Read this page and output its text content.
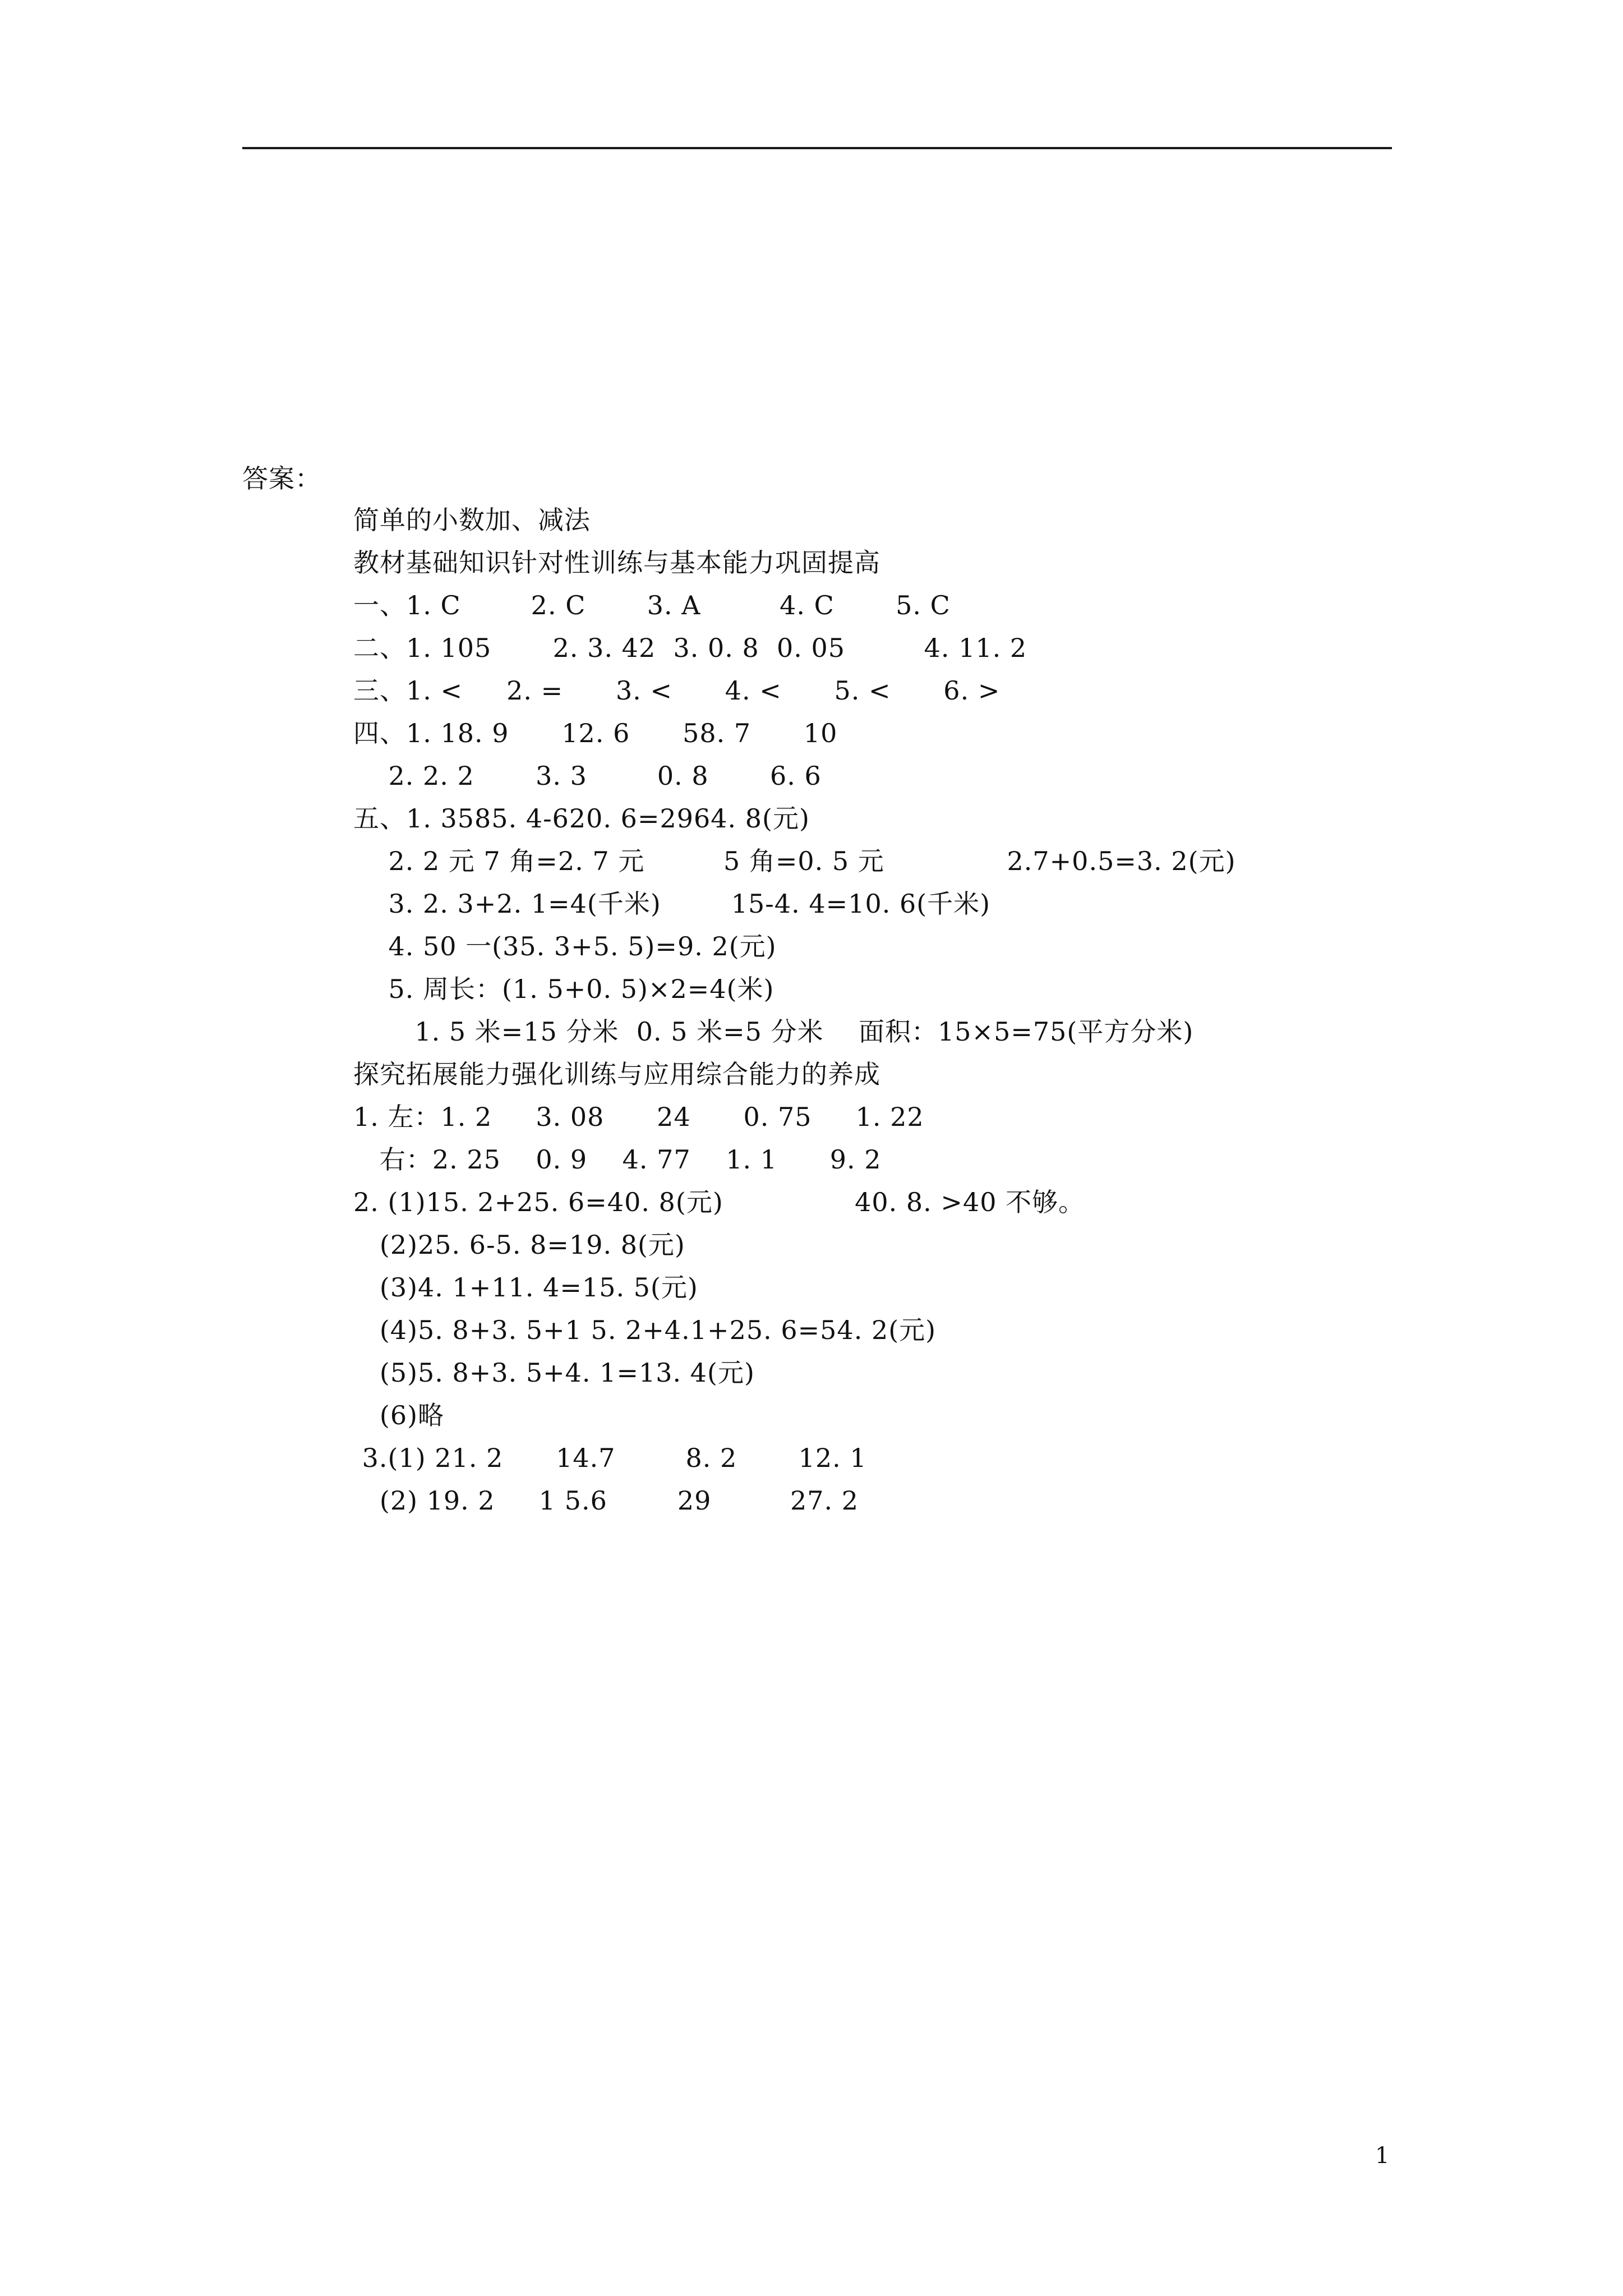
答案：
简单的小数加、减法
教材基础知识针对性训练与基本能力巩固提高
一、1. C        2. C       3. A         4. C       5. C
二、1. 105       2. 3. 42  3. 0. 8  0. 05         4. 11. 2
三、1. <     2. =      3. <      4. <      5. <      6. >
四、1. 18. 9      12. 6      58. 7      10
2. 2. 2       3. 3        0. 8       6. 6
五、1. 3585. 4-620. 6=2964. 8(元)
2. 2 元 7 角=2. 7 元         5 角=0. 5 元              2.7+0.5=3. 2(元)
3. 2. 3+2. 1=4(千米)        15-4. 4=10. 6(千米)
4. 50 一(35. 3+5. 5)=9. 2(元)
5. 周长：(1. 5+0. 5)×2=4(米)
1. 5 米=15 分米  0. 5 米=5 分米    面积：15×5=75(平方分米)
探究拓展能力强化训练与应用综合能力的养成
1. 左：1. 2     3. 08      24      0. 75     1. 22
右：2. 25    0. 9    4. 77    1. 1      9. 2
2. (1)15. 2+25. 6=40. 8(元)               40. 8. >40 不够。
(2)25. 6-5. 8=19. 8(元)
(3)4. 1+11. 4=15. 5(元)
(4)5. 8+3. 5+1 5. 2+4.1+25. 6=54. 2(元)
(5)5. 8+3. 5+4. 1=13. 4(元)
(6)略
3.(1) 21. 2      14.7        8. 2       12. 1
(2) 19. 2     1 5.6        29         27. 2
1
